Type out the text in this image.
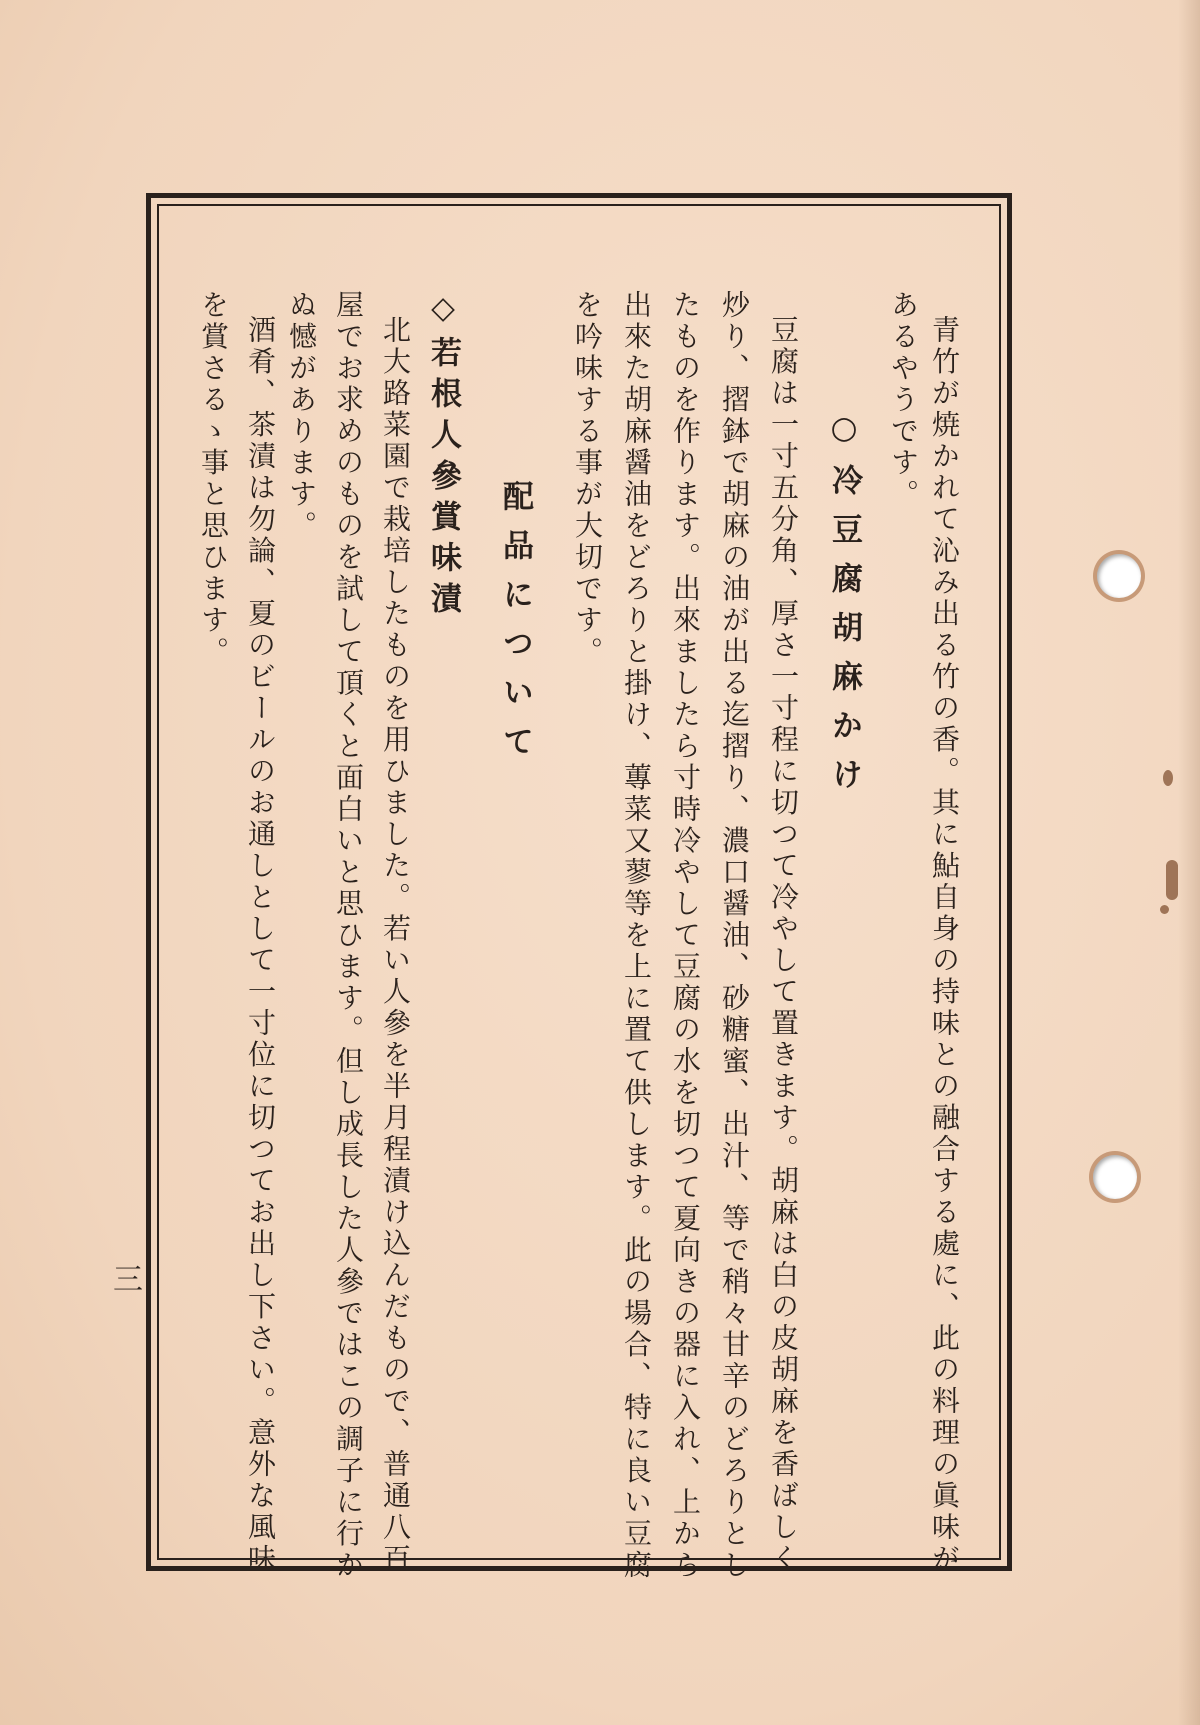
青竹が焼かれて沁み出る竹の香。其に鮎自身の持味との融合する處に、此の料理の眞味が
あるやうです。
○冷豆腐胡麻かけ
豆腐は一寸五分角、厚さ一寸程に切つて冷やして置きます。胡麻は白の皮胡麻を香ばしく
炒り、摺鉢で胡麻の油が出る迄摺り、濃口醤油、砂糖蜜、出汁、等で稍々甘辛のどろりとし
たものを作ります。出來ましたら寸時冷やして豆腐の水を切つて夏向きの器に入れ、上から
出來た胡麻醤油をどろりと掛け、蓴菜又蓼等を上に置て供します。此の場合、特に良い豆腐
を吟味する事が大切です。
配品について
◇若根人參賞味漬
北大路菜園で栽培したものを用ひました。若い人參を半月程漬け込んだもので、普通八百
屋でお求めのものを試して頂くと面白いと思ひます。但し成長した人參ではこの調子に行か
ぬ憾があります。
酒肴、茶漬は勿論、夏のビールのお通しとして一寸位に切つてお出し下さい。意外な風味
を賞さるゝ事と思ひます。
三
